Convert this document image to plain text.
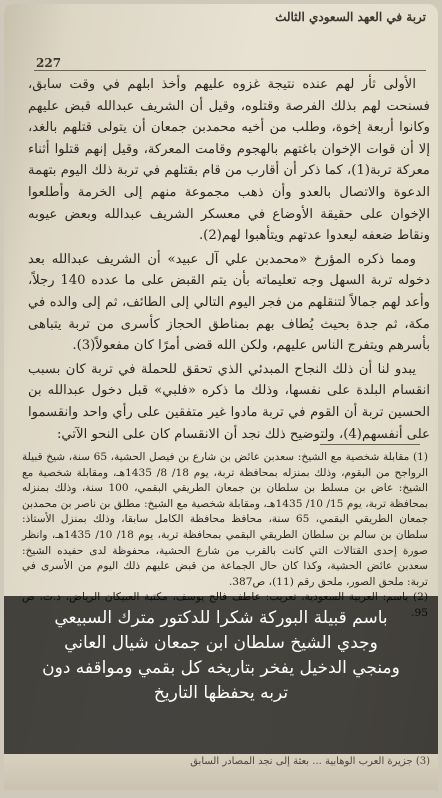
تربة في العهد السعودي الثالث
227

الأولى ثأر لهم عنده نتيجة غزوه عليهم وأخذ ابلهم في وقت سابق، فسنحت لهم بذلك الفرصة وقتلوه، وقيل أن الشريف عبدالله قبض عليهم وكانوا أربعة إخوة، وطلب من أخيه محمدبن جمعان أن يتولى قتلهم بالغد، إلا أن قوات الإخوان باغتهم بالهجوم وقامت المعركة، وقيل إنهم قتلوا أثناء معركة تربة(1)، كما ذكر أن أقارب من قام بقتلهم في تربة ذلك اليوم بتهمة الدعوة والاتصال بالعدو وأن ذهب مجموعة منهم إلى الخرمة وأطلعوا الإخوان على حقيقة الأوضاع في معسكر الشريف عبدالله وبعض عيوبه ونقاط ضعفه ليعدوا عدتهم ويتأهبوا لهم(2).

ومما ذكره المؤرخ «محمدبن علي آل عبيد» أن الشريف عبدالله بعد دخوله تربة السهل وجه تعليماته بأن يتم القبض على ما عدده 140 رجلاً، وأعد لهم جمالاً لتنقلهم من فجر اليوم التالي إلى الطائف، ثم إلى والده في مكة، ثم جدة بحيث يُطاف بهم بمناطق الحجاز كأسرى من تربة يتباهى بأسرهم ويتفرج الناس عليهم، ولكن الله قضى أمرًا كان مفعولاً(3).

يبدو لنا أن ذلك النجاح المبدئي الذي تحقق للحملة في تربة كان بسبب انقسام البلدة على نفسها، وذلك ما ذكره «فلبي» قبل دخول عبدالله بن الحسين تربة أن القوم في تربة مادوا غير متفقين على رأي واحد وانقسموا على أنفسهم(4)، ولتوضيح ذلك نجد أن الانقسام كان على النحو الآتي:

(1) مقابلة شخصية مع الشيخ: سعدبن عائض بن شارع بن فيصل الحشية، 65 سنة، شيخ قبيلة الرواجح من البقوم، وذلك بمنزله بمحافظة تربة، يوم 18/ 8/ 1435هـ، ومقابلة شخصية مع الشيخ: عاض بن مسلط بن سلطان بن جمعان الطريقي البقمي، 100 سنة، وذلك بمنزله بمحافظة تربة، يوم 15/ 10/ 1435هـ، ومقابلة شخصية مع الشيخ: مطلق بن ناصر بن محمدبن جمعان الطريقي البقمي، 65 سنة، محافظ محافظة الكامل سابقا، وذلك بمنزل الأستاذ: سلطان بن سالم بن سلطان الطريقي البقمي بمحافظة تربة، يوم 18/ 10/ 1435هـ، وانظر صورة إحدى القتالات التي كانت بالقرب من شارع الحشية، محفوظة لدى حفيده الشيخ: سعدبن عائض الحشية، وكذا كان حال الجماعة من قبض عليهم ذلك اليوم من الأسرى في تربة: ملحق الصور، ملحق رقم (11)، ص387.

باسم قبيلة البوركة شكرا للدكتور مترك السبيعي
وجدي الشيخ سلطان ابن جمعان شيال العاني
ومنجي الدخيل يفخر بتاريخه كل بقمي ومواقفه دون
تربه يحفظها التاريخ
(3) جزيرة العرب الوهابية ... بعثة إلى نجد المصادر السابق
